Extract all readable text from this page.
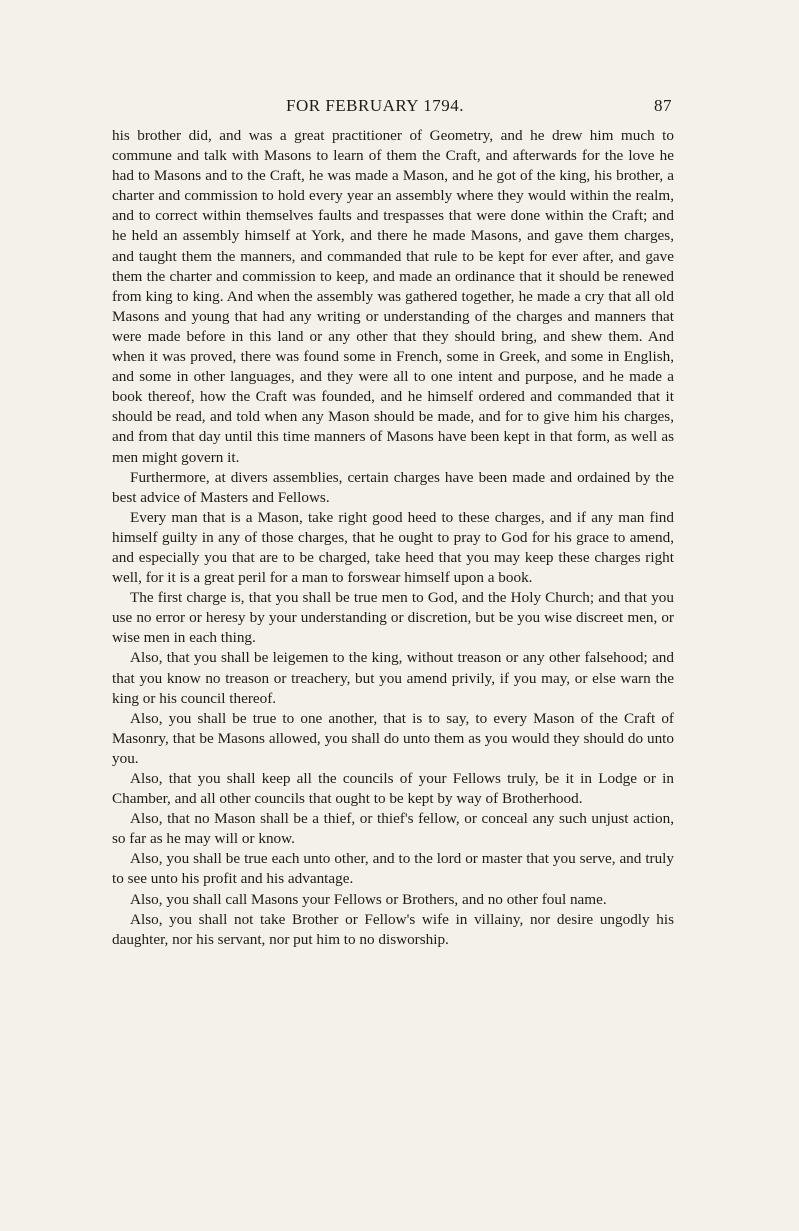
FOR FEBRUARY 1794.	87

his brother did, and was a great practitioner of Geometry, and he drew him much to commune and talk with Masons to learn of them the Craft, and afterwards for the love he had to Masons and to the Craft, he was made a Mason, and he got of the king, his brother, a charter and commission to hold every year an assembly where they would within the realm, and to correct within themselves faults and trespasses that were done within the Craft; and he held an assembly himself at York, and there he made Masons, and gave them charges, and taught them the manners, and commanded that rule to be kept for ever after, and gave them the charter and commission to keep, and made an ordinance that it should be renewed from king to king. And when the assembly was gathered together, he made a cry that all old Masons and young that had any writing or understanding of the charges and manners that were made before in this land or any other that they should bring, and shew them. And when it was proved, there was found some in French, some in Greek, and some in English, and some in other languages, and they were all to one intent and purpose, and he made a book thereof, how the Craft was founded, and he himself ordered and commanded that it should be read, and told when any Mason should be made, and for to give him his charges, and from that day until this time manners of Masons have been kept in that form, as well as men might govern it.

Furthermore, at divers assemblies, certain charges have been made and ordained by the best advice of Masters and Fellows.

Every man that is a Mason, take right good heed to these charges, and if any man find himself guilty in any of those charges, that he ought to pray to God for his grace to amend, and especially you that are to be charged, take heed that you may keep these charges right well, for it is a great peril for a man to forswear himself upon a book.

The first charge is, that you shall be true men to God, and the Holy Church; and that you use no error or heresy by your understanding or discretion, but be you wise discreet men, or wise men in each thing.

Also, that you shall be leigemen to the king, without treason or any other falsehood; and that you know no treason or treachery, but you amend privily, if you may, or else warn the king or his council thereof.

Also, you shall be true to one another, that is to say, to every Mason of the Craft of Masonry, that be Masons allowed, you shall do unto them as you would they should do unto you.

Also, that you shall keep all the councils of your Fellows truly, be it in Lodge or in Chamber, and all other councils that ought to be kept by way of Brotherhood.

Also, that no Mason shall be a thief, or thief's fellow, or conceal any such unjust action, so far as he may will or know.

Also, you shall be true each unto other, and to the lord or master that you serve, and truly to see unto his profit and his advantage.

Also, you shall call Masons your Fellows or Brothers, and no other foul name.

Also, you shall not take Brother or Fellow's wife in villainy, nor desire ungodly his daughter, nor his servant, nor put him to no disworship.
